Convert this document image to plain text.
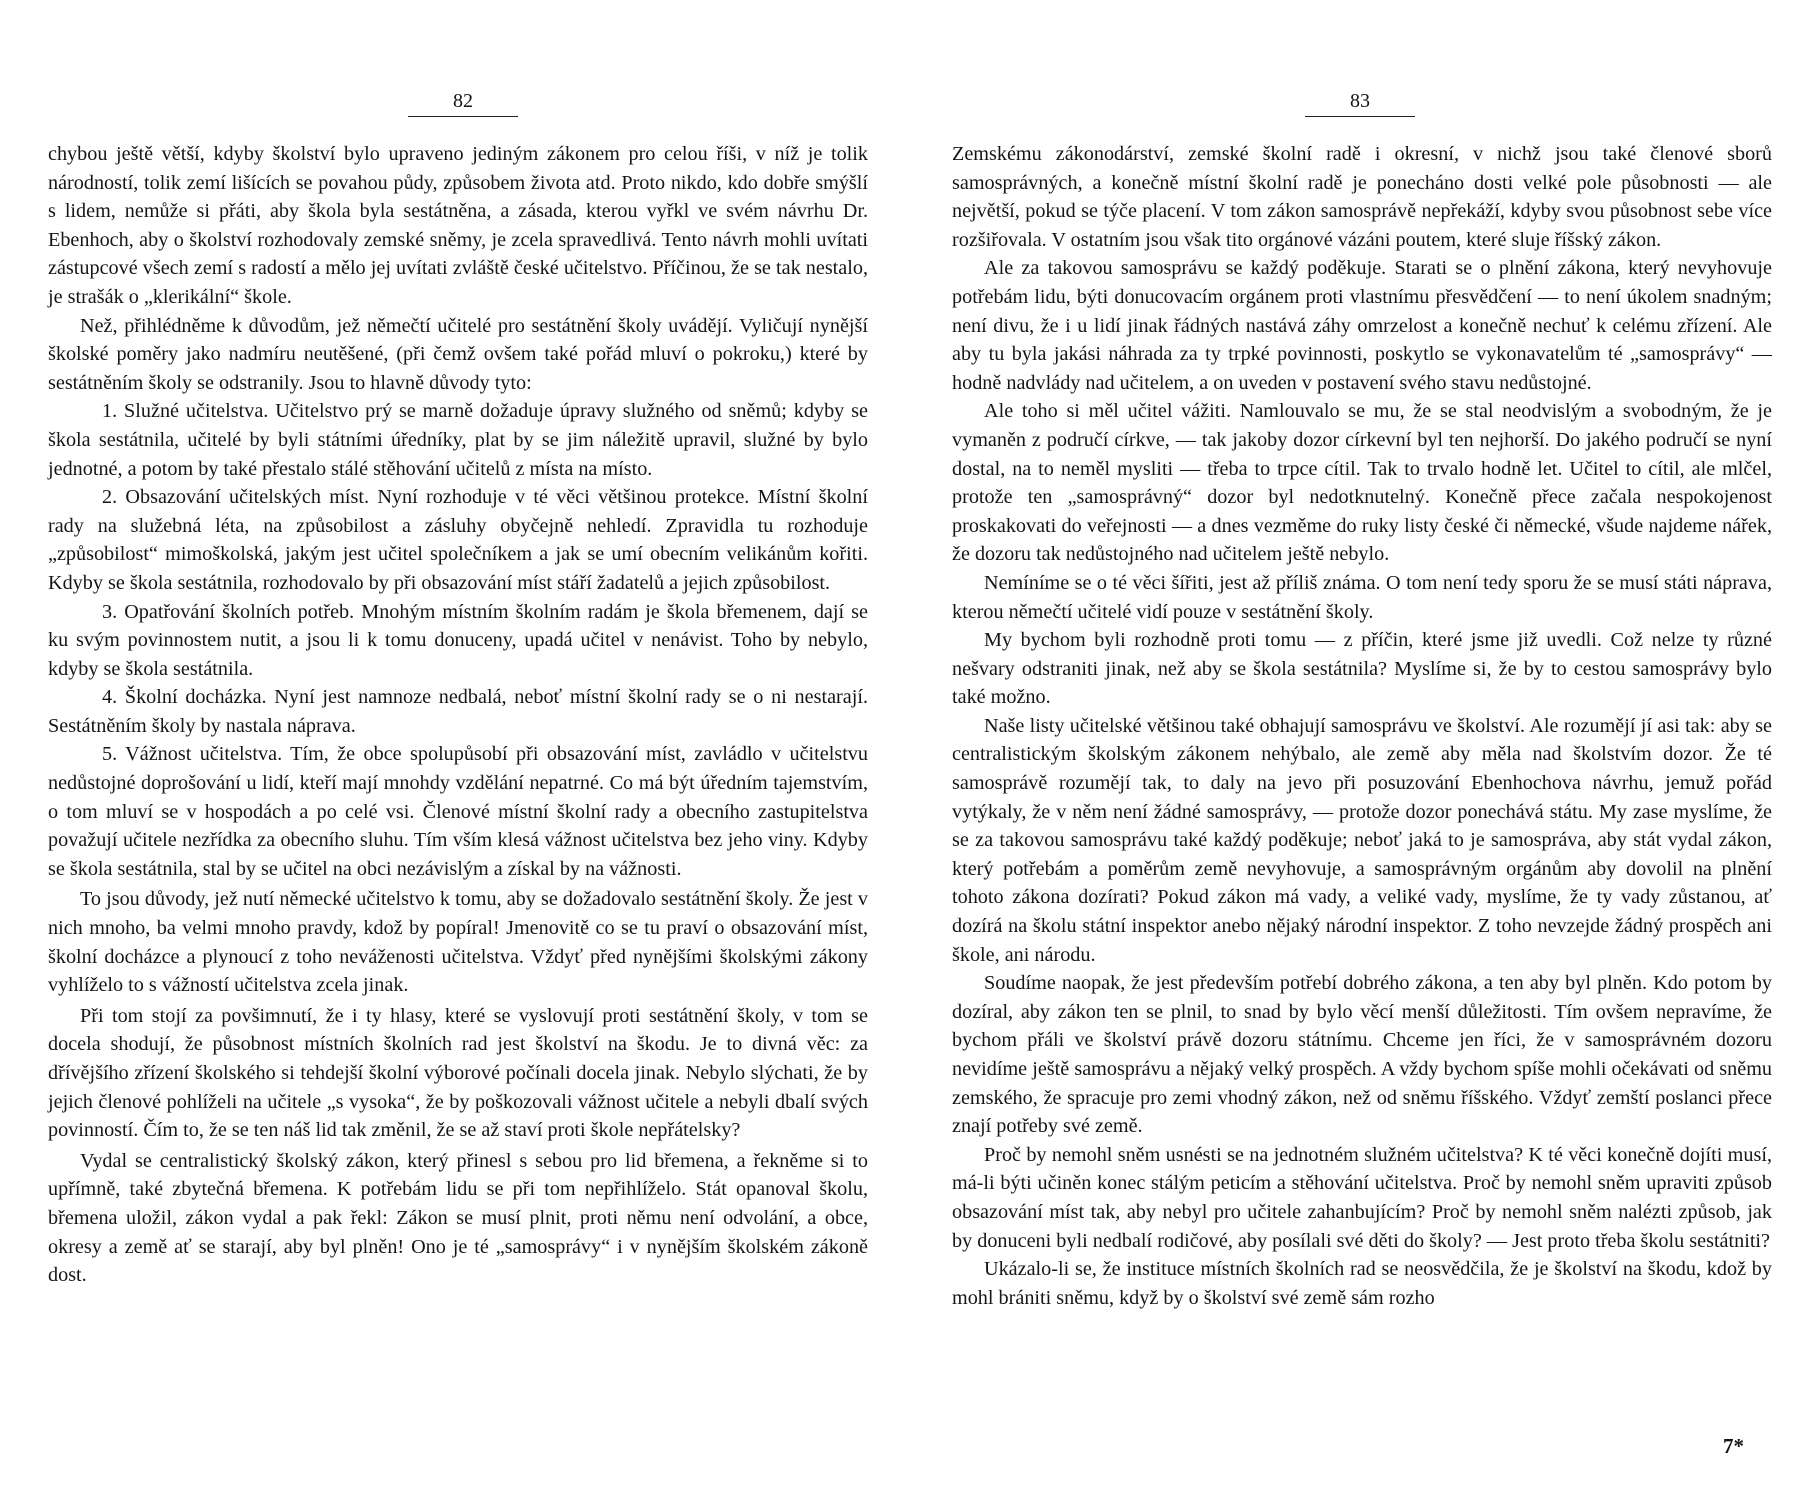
82

chybou ještě větší, kdyby školství bylo upraveno jediným zákonem pro celou říši, v níž je tolik národností, tolik zemí lišících se povahou půdy, způsobem života atd. Proto nikdo, kdo dobře smýšlí s lidem, nemůže si přáti, aby škola byla sestátněna, a zásada, kterou vyřkl ve svém návrhu Dr. Ebenhoch, aby o školství rozhodovaly zemské sněmy, je zcela spravedlivá. Tento návrh mohli uvítati zástupcové všech zemí s radostí a mělo jej uvítati zvláště české učitelstvo. Příčinou, že se tak nestalo, je strašák o „klerikální“ škole.

Než, přihlédněme k důvodům, jež němečtí učitelé pro sestátnění školy uvádějí. Vyličují nynější školské poměry jako nadmíru neutěšené, (při čemž ovšem také pořád mluví o pokroku,) které by sestátněním školy se odstranily. Jsou to hlavně důvody tyto:

1. Služné učitelstva. Učitelstvo prý se marně dožaduje úpravy služného od sněmů; kdyby se škola sestátnila, učitelé by byli státními úředníky, plat by se jim náležitě upravil, služné by bylo jednotné, a potom by také přestalo stálé stěhování učitelů z místa na místo.

2. Obsazování učitelských míst. Nyní rozhoduje v té věci většinou protekce. Místní školní rady na služebná léta, na způsobilost a zásluhy obyčejně nehledí. Zpravidla tu rozhoduje „způsobilost“ mimoškolská, jakým jest učitel společníkem a jak se umí obecním velikánům kořiti. Kdyby se škola sestátnila, rozhodovalo by při obsazování míst stáří žadatelů a jejich způsobilost.

3. Opatřování školních potřeb. Mnohým místním školním radám je škola břemenem, dají se ku svým povinnostem nutit, a jsou li k tomu donuceny, upadá učitel v nenávist. Toho by nebylo, kdyby se škola sestátnila.

4. Školní docházka. Nyní jest namnoze nedbalá, neboť místní školní rady se o ni nestarají. Sestátněním školy by nastala náprava.

5. Vážnost učitelstva. Tím, že obce spolupůsobí při obsazování míst, zavládlo v učitelstvu nedůstojné doprošování u lidí, kteří mají mnohdy vzdělání nepatrné. Co má být úředním tajemstvím, o tom mluví se v hospodách a po celé vsi. Členové místní školní rady a obecního zastupitelstva považují učitele nezřídka za obecního sluhu. Tím vším klesá vážnost učitelstva bez jeho viny. Kdyby se škola sestátnila, stal by se učitel na obci nezávislým a získal by na vážnosti.

To jsou důvody, jež nutí německé učitelstvo k tomu, aby se dožadovalo sestátnění školy. Že jest v nich mnoho, ba velmi mnoho pravdy, kdož by popíral! Jmenovitě co se tu praví o obsazování míst, školní docházce a plynoucí z toho neváženosti učitelstva. Vždyť před nynějšími školskými zákony vyhlíželo to s vážností učitelstva zcela jinak.

Při tom stojí za povšimnutí, že i ty hlasy, které se vyslovují proti sestátnění školy, v tom se docela shodují, že působnost místních školních rad jest školství na škodu. Je to divná věc: za dřívějšího zřízení školského si tehdejší školní výborové počínali docela jinak. Nebylo slýchati, že by jejich členové pohlíželi na učitele „s vysoka“, že by poškozovali vážnost učitele a nebyli dbalí svých povinností. Čím to, že se ten náš lid tak změnil, že se až staví proti škole nepřátelsky?

Vydal se centralistický školský zákon, který přinesl s sebou pro lid břemena, a řekněme si to upřímně, také zbytečná břemena. K potřebám lidu se při tom nepřihlíželo. Stát opanoval školu, břemena uložil, zákon vydal a pak řekl: Zákon se musí plnit, proti němu není odvolání, a obce, okresy a země ať se starají, aby byl plněn! Ono je té „samosprávy“ i v nynějším školském zákoně dost.

83

Zemskému zákonodárství, zemské školní radě i okresní, v nichž jsou také členové sborů samosprávných, a konečně místní školní radě je ponecháno dosti velké pole působnosti — ale největší, pokud se týče placení. V tom zákon samosprávě nepřekáží, kdyby svou působnost sebe více rozšiřovala. V ostatním jsou však tito orgánové vázáni poutem, které sluje říšský zákon.

Ale za takovou samosprávu se každý poděkuje. Starati se o plnění zákona, který nevyhovuje potřebám lidu, býti donucovacím orgánem proti vlastnímu přesvědčení — to není úkolem snadným; není divu, že i u lidí jinak řádných nastává záhy omrzelost a konečně nechuť k celému zřízení. Ale aby tu byla jakási náhrada za ty trpké povinnosti, poskytlo se vykonavatelům té „samosprávy“ — hodně nadvlády nad učitelem, a on uveden v postavení svého stavu nedůstojné.

Ale toho si měl učitel vážiti. Namlouvalo se mu, že se stal neodvislým a svobodným, že je vymaněn z područí církve, — tak jakoby dozor církevní byl ten nejhorší. Do jakého područí se nyní dostal, na to neměl mysliti — třeba to trpce cítil. Tak to trvalo hodně let. Učitel to cítil, ale mlčel, protože ten „samosprávný“ dozor byl nedotknutelný. Konečně přece začala nespokojenost proskakovati do veřejnosti — a dnes vezměme do ruky listy české či německé, všude najdeme nářek, že dozoru tak nedůstojného nad učitelem ještě nebylo.

Nemíníme se o té věci šířiti, jest až příliš známa. O tom není tedy sporu že se musí státi náprava, kterou němečtí učitelé vidí pouze v sestátnění školy.

My bychom byli rozhodně proti tomu — z příčin, které jsme již uvedli. Což nelze ty různé nešvary odstraniti jinak, než aby se škola sestátnila? Myslíme si, že by to cestou samosprávy bylo také možno.

Naše listy učitelské většinou také obhajují samosprávu ve školství. Ale rozumějí jí asi tak: aby se centralistickým školským zákonem nehýbalo, ale země aby měla nad školstvím dozor. Že té samosprávě rozumějí tak, to daly na jevo při posuzování Ebenhochova návrhu, jemuž pořád vytýkaly, že v něm není žádné samosprávy, — protože dozor ponechává státu. My zase myslíme, že se za takovou samosprávu také každý poděkuje; neboť jaká to je samospráva, aby stát vydal zákon, který potřebám a poměrům země nevyhovuje, a samosprávným orgánům aby dovolil na plnění tohoto zákona dozírati? Pokud zákon má vady, a veliké vady, myslíme, že ty vady zůstanou, ať dozírá na školu státní inspektor anebo nějaký národní inspektor. Z toho nevzejde žádný prospěch ani škole, ani národu.

Soudíme naopak, že jest především potřebí dobrého zákona, a ten aby byl plněn. Kdo potom by dozíral, aby zákon ten se plnil, to snad by bylo věcí menší důležitosti. Tím ovšem nepravíme, že bychom přáli ve školství právě dozoru státnímu. Chceme jen říci, že v samosprávném dozoru nevidíme ještě samosprávu a nějaký velký prospěch. A vždy bychom spíše mohli očekávati od sněmu zemského, že spracuje pro zemi vhodný zákon, než od sněmu říšského. Vždyť zemští poslanci přece znají potřeby své země.

Proč by nemohl sněm usnésti se na jednotném služném učitelstva? K té věci konečně dojíti musí, má-li býti učiněn konec stálým peticím a stěhování učitelstva. Proč by nemohl sněm upraviti způsob obsazování míst tak, aby nebyl pro učitele zahanbujícím? Proč by nemohl sněm nalézti způsob, jak by donuceni byli nedbalí rodičové, aby posílali své děti do školy? — Jest proto třeba školu sestátniti?

Ukázalo-li se, že instituce místních školních rad se neosvědčila, že je školství na škodu, kdož by mohl brániti sněmu, když by o školství své země sám rozho

7*
